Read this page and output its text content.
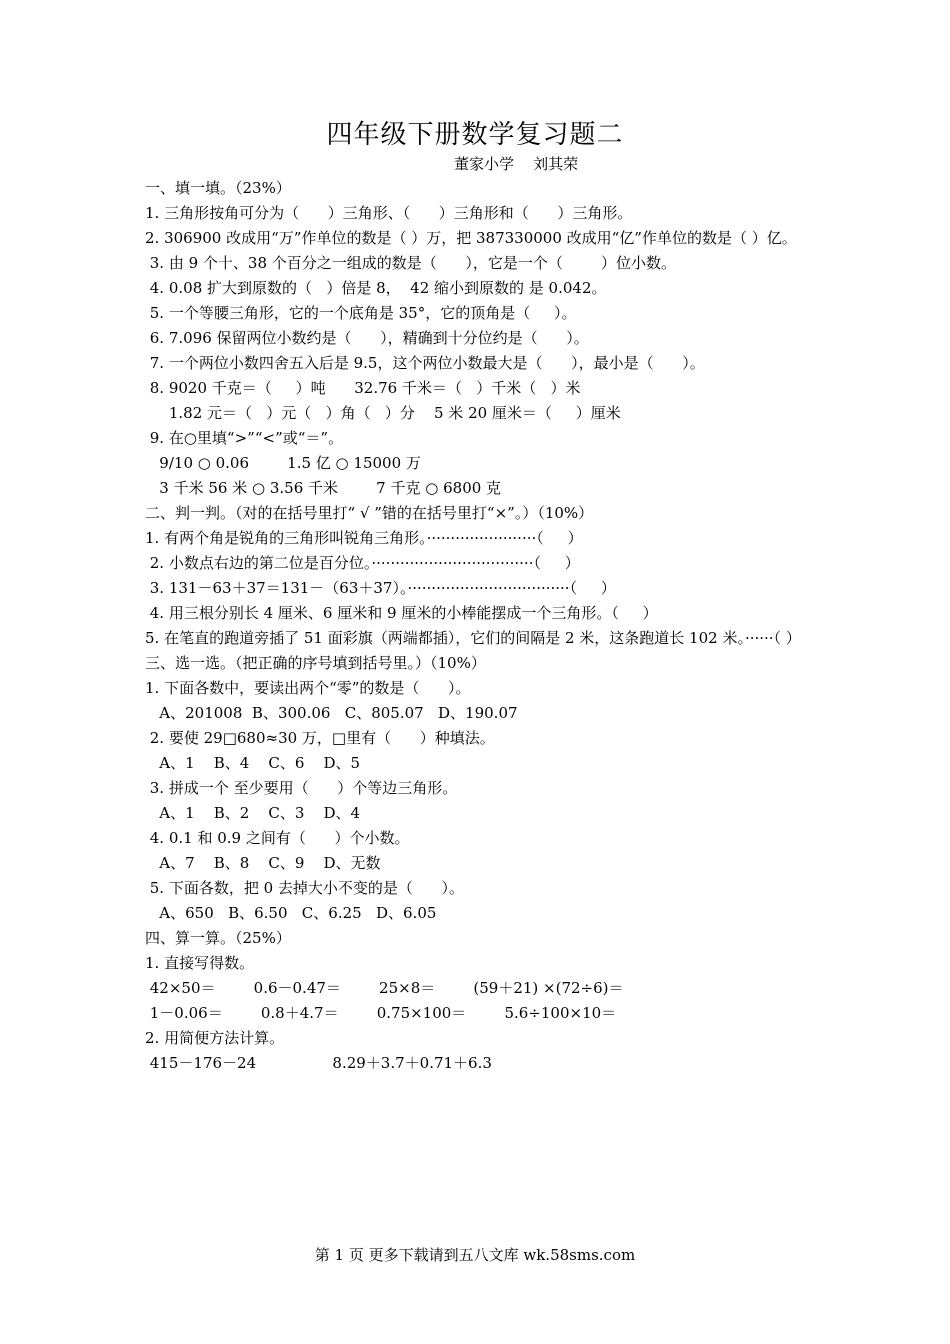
四年级下册数学复习题二
董家小学    刘其荣
一、填一填。（23%）
1. 三角形按角可分为（      ）三角形、（      ）三角形和（      ）三角形。
2. 306900 改成用“万”作单位的数是（ ）万，把 387330000 改成用“亿”作单位的数是（ ）亿。
3. 由 9 个十、38 个百分之一组成的数是（      ），它是一个（        ）位小数。
4. 0.08 扩大到原数的（   ）倍是 8，  42 缩小到原数的 是 0.042。
5. 一个等腰三角形，它的一个底角是 35°，它的顶角是（     ）。
6. 7.096 保留两位小数约是（      ），精确到十分位约是（      ）。
7. 一个两位小数四舍五入后是 9.5，这个两位小数最大是（      ），最小是（      ）。
8. 9020 千克＝（     ）吨      32.76 千米＝（   ）千米（   ）米
1.82 元＝（   ）元（   ）角（   ）分    5 米 20 厘米＝（     ）厘米
9. 在○里填“>”“<”或“＝”。
9/10 ○ 0.06        1.5 亿 ○ 15000 万
3 千米 56 米 ○ 3.56 千米        7 千克 ○ 6800 克
二、判一判。（对的在括号里打“ √ ”错的在括号里打“×”。）（10%）
1. 有两个角是锐角的三角形叫锐角三角形。·······················（     ）
2. 小数点右边的第二位是百分位。··································（     ）
3. 131－63＋37＝131－（63＋37）。··································（     ）
4. 用三根分别长 4 厘米、6 厘米和 9 厘米的小棒能摆成一个三角形。（     ）
5. 在笔直的跑道旁插了 51 面彩旗（两端都插），它们的间隔是 2 米，这条跑道长 102 米。······（ ）
三、选一选。（把正确的序号填到括号里。）（10%）
1. 下面各数中，要读出两个“零”的数是（      ）。
A、201008  B、300.06   C、805.07   D、190.07
2. 要使 29□680≈30 万，□里有（      ）种填法。
A、1    B、4    C、6    D、5
3. 拼成一个 至少要用（      ）个等边三角形。
A、1    B、2    C、3    D、4
4. 0.1 和 0.9 之间有（      ）个小数。
A、7    B、8    C、9    D、无数
5. 下面各数，把 0 去掉大小不变的是（      ）。
A、650   B、6.50   C、6.25   D、6.05
四、算一算。（25%）
1. 直接写得数。
42×50＝        0.6－0.47＝        25×8＝        (59＋21) ×(72÷6)＝
1－0.06＝        0.8＋4.7＝        0.75×100＝        5.6÷100×10＝
2. 用简便方法计算。
415－176－24                8.29＋3.7＋0.71＋6.3
第 1 页 更多下载请到五八文库 wk.58sms.com
